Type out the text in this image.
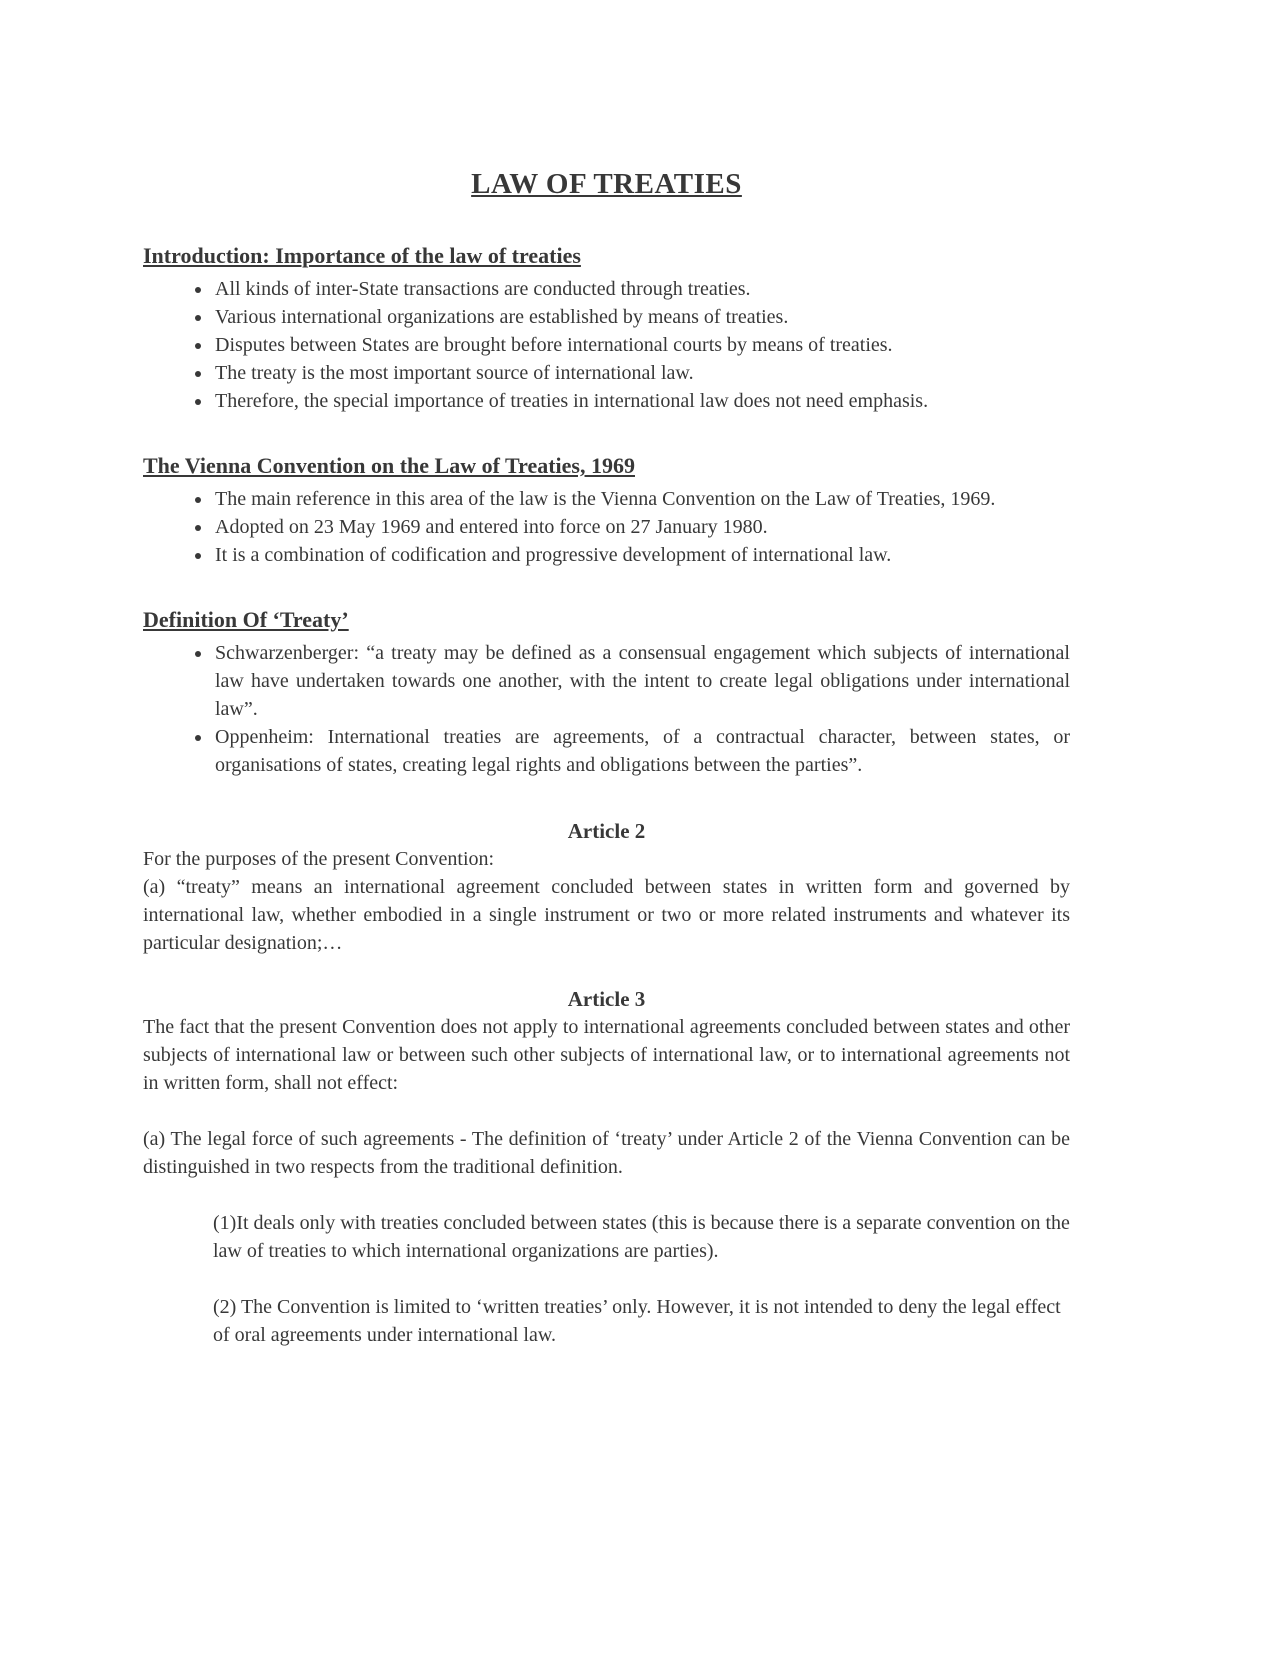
LAW OF TREATIES
Introduction: Importance of the law of treaties
• All kinds of inter-State transactions are conducted through treaties.
• Various international organizations are established by means of treaties.
• Disputes between States are brought before international courts by means of treaties.
• The treaty is the most important source of international law.
• Therefore, the special importance of treaties in international law does not need emphasis.
The Vienna Convention on the Law of Treaties, 1969
• The main reference in this area of the law is the Vienna Convention on the Law of Treaties, 1969.
• Adopted on 23 May 1969 and entered into force on 27 January 1980.
• It is a combination of codification and progressive development of international law.
Definition Of ‘Treaty’
• Schwarzenberger: “a treaty may be defined as a consensual engagement which subjects of international law have undertaken towards one another, with the intent to create legal obligations under international law”.
• Oppenheim: International treaties are agreements, of a contractual character, between states, or organisations of states, creating legal rights and obligations between the parties”.
Article 2

For the purposes of the present Convention:

(a) “treaty” means an international agreement concluded between states in written form and governed by international law, whether embodied in a single instrument or two or more related instruments and whatever its particular designation;…

Article 3

The fact that the present Convention does not apply to international agreements concluded between states and other subjects of international law or between such other subjects of international law, or to international agreements not in written form, shall not effect:

(a) The legal force of such agreements - The definition of ‘treaty’ under Article 2 of the Vienna Convention can be distinguished in two respects from the traditional definition.

(1)It deals only with treaties concluded between states (this is because there is a separate convention on the law of treaties to which international organizations are parties).

(2) The Convention is limited to ‘written treaties’ only. However, it is not intended to deny the legal effect of oral agreements under international law.
